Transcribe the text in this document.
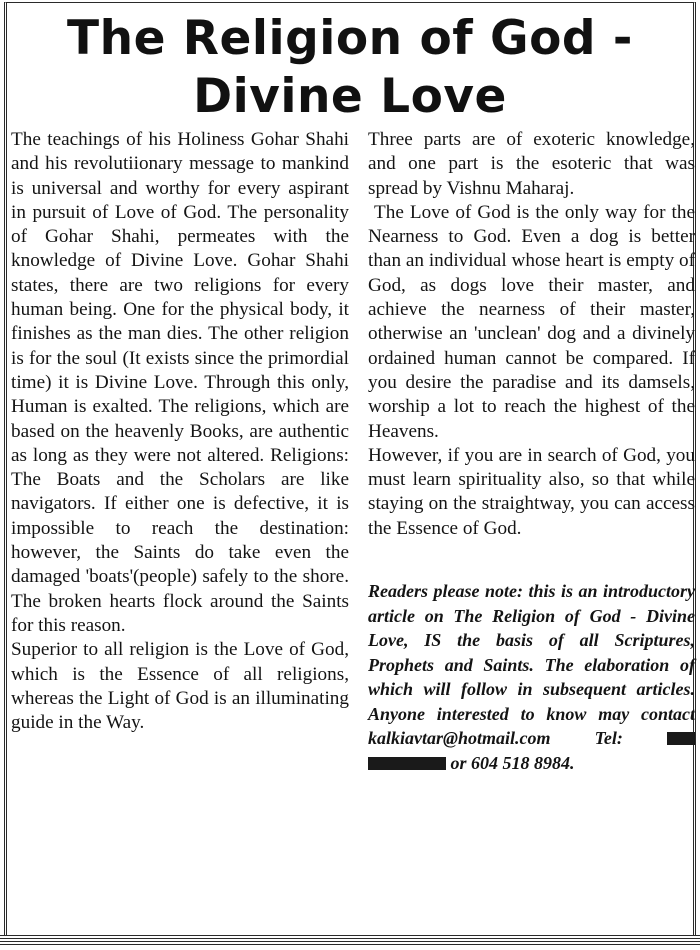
The Religion of God - Divine Love

The teachings of his Holiness Gohar Shahi and his revolutiionary message to mankind is universal and worthy for every aspirant in pursuit of Love of God. The personality of Gohar Shahi, permeates with the knowledge of Divine Love. Gohar Shahi states, there are two religions for every human being. One for the physical body, it finishes as the man dies. The other religion is for the soul (It exists since the primordial time) it is Divine Love. Through this only, Human is exalted. The religions, which are based on the heavenly Books, are authentic as long as they were not altered. Religions: The Boats and the Scholars are like navigators. If either one is defective, it is impossible to reach the destination: however, the Saints do take even the damaged 'boats'(people) safely to the shore. The broken hearts flock around the Saints for this reason.

Superior to all religion is the Love of God, which is the Essence of all religions, whereas the Light of God is an illuminating guide in the Way.

Three parts are of exoteric knowledge, and one part is the esoteric that was spread by Vishnu Maharaj.

The Love of God is the only way for the Nearness to God. Even a dog is better than an individual whose heart is empty of God, as dogs love their master, and achieve the nearness of their master, otherwise an 'unclean' dog and a divinely ordained human cannot be compared. If you desire the paradise and its damsels, worship a lot to reach the highest of the Heavens.

However, if you are in search of God, you must learn spirituality also, so that while staying on the straightway, you can access the Essence of God.

Readers please note: this is an introductory article on The Religion of God - Divine Love, IS the basis of all Scriptures, Prophets and Saints. The elaboration of which will follow in subsequent articles. Anyone interested to know may contact kalkiavtar@hotmail.com Tel:   or 604 518 8984.
